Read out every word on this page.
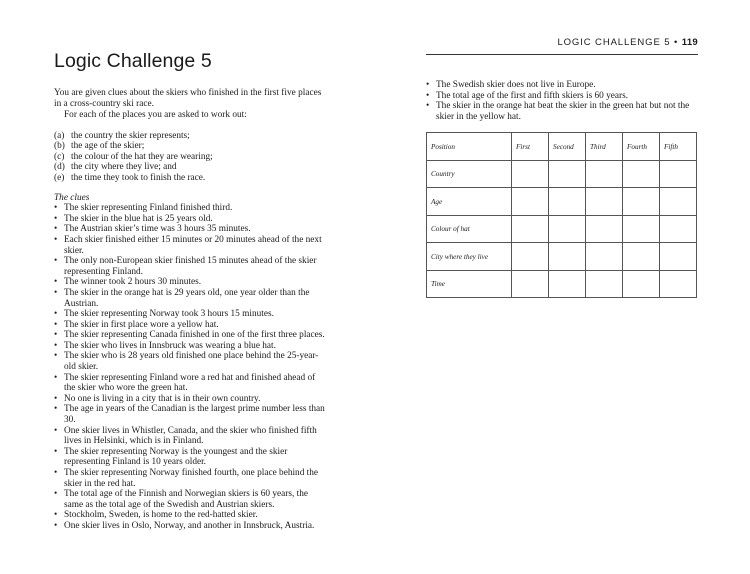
Logic Challenge 5

You are given clues about the skiers who finished in the first five places in a cross-country ski race.

For each of the places you are asked to work out:

(a) the country the skier represents;
(b) the age of the skier;
(c) the colour of the hat they are wearing;
(d) the city where they live; and
(e) the time they took to finish the race.

The clues

• The skier representing Finland finished third.
• The skier in the blue hat is 25 years old.
• The Austrian skier’s time was 3 hours 35 minutes.
• Each skier finished either 15 minutes or 20 minutes ahead of the next skier.
• The only non-European skier finished 15 minutes ahead of the skier representing Finland.
• The winner took 2 hours 30 minutes.
• The skier in the orange hat is 29 years old, one year older than the Austrian.
• The skier representing Norway took 3 hours 15 minutes.
• The skier in first place wore a yellow hat.
• The skier representing Canada finished in one of the first three places.
• The skier who lives in Innsbruck was wearing a blue hat.
• The skier who is 28 years old finished one place behind the 25-year-old skier.
• The skier representing Finland wore a red hat and finished ahead of the skier who wore the green hat.
• No one is living in a city that is in their own country.
• The age in years of the Canadian is the largest prime number less than 30.
• One skier lives in Whistler, Canada, and the skier who finished fifth lives in Helsinki, which is in Finland.
• The skier representing Norway is the youngest and the skier representing Finland is 10 years older.
• The skier representing Norway finished fourth, one place behind the skier in the red hat.
• The total age of the Finnish and Norwegian skiers is 60 years, the same as the total age of the Swedish and Austrian skiers.
• Stockholm, Sweden, is home to the red-hatted skier.
• One skier lives in Oslo, Norway, and another in Innsbruck, Austria.
LOGIC CHALLENGE 5 • 119
• The Swedish skier does not live in Europe.
• The total age of the first and fifth skiers is 60 years.
• The skier in the orange hat beat the skier in the green hat but not the skier in the yellow hat.
Position	First	Second	Third	Fourth	Fifth
Country					
Age					
Colour of hat					
City where they live					
Time					
